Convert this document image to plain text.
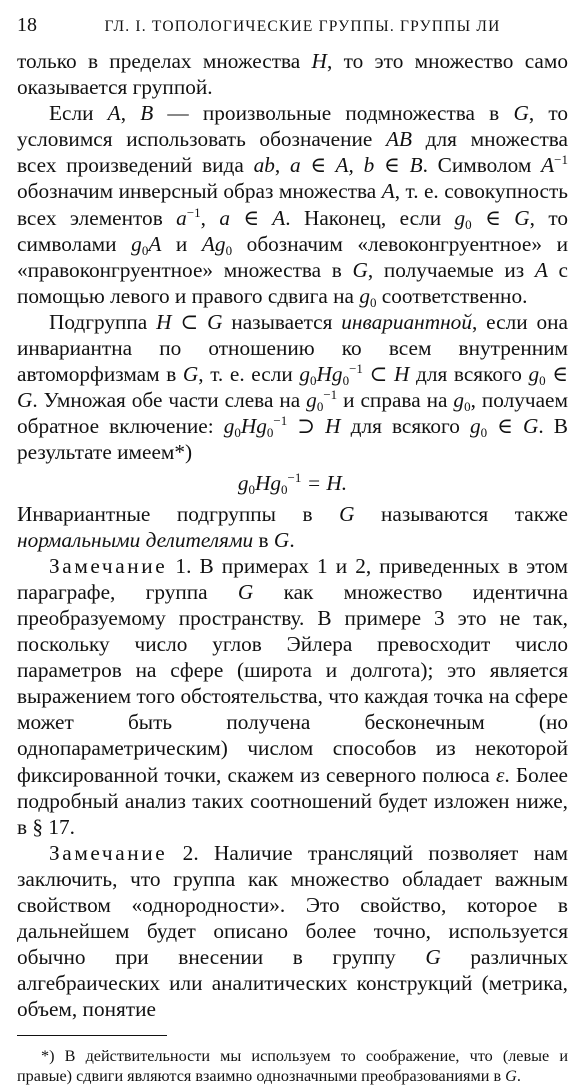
18	ГЛ. I. ТОПОЛОГИЧЕСКИЕ ГРУППЫ. ГРУППЫ ЛИ

только в пределах множества H, то это множество само оказывается группой.

Если A, B — произвольные подмножества в G, то условимся использовать обозначение AB для множества всех произведений вида ab, a ∈ A, b ∈ B. Символом $A^{-1}$ обозначим инверсный образ множества A, т. е. совокупность всех элементов $a^{-1}$, a ∈ A. Наконец, если $g_0$ ∈ G, то символами $g_0A$ и $Ag_0$ обозначим «левоконгруентное» и «правоконгруентное» множества в G, получаемые из A с помощью левого и правого сдвига на $g_0$ соответственно.

Подгруппа H ⊂ G называется инвариантной, если она инвариантна по отношению ко всем внутренним автоморфизмам в G, т. е. если $g_0Hg_0^{-1}$ ⊂ H для всякого $g_0$ ∈ G. Умножая обе части слева на $g_0^{-1}$ и справа на $g_0$, получаем обратное включение: $g_0Hg_0^{-1}$ ⊃ H для всякого $g_0$ ∈ G. В результате имеем*)

$g_0Hg_0^{-1} = H$.

Инвариантные подгруппы в G называются также нормальными делителями в G.

Замечание 1. В примерах 1 и 2, приведенных в этом параграфе, группа G как множество идентична преобразуемому пространству. В примере 3 это не так, поскольку число углов Эйлера превосходит число параметров на сфере (широта и долгота); это является выражением того обстоятельства, что каждая точка на сфере может быть получена бесконечным (но однопараметрическим) числом способов из некоторой фиксированной точки, скажем из северного полюса ε. Более подробный анализ таких соотношений будет изложен ниже, в § 17.

Замечание 2. Наличие трансляций позволяет нам заключить, что группа как множество обладает важным свойством «однородности». Это свойство, которое в дальнейшем будет описано более точно, используется обычно при внесении в группу G различных алгебраических или аналитических конструкций (метрика, объем, понятие

*) В действительности мы используем то соображение, что (левые и правые) сдвиги являются взаимно однозначными преобразованиями в G.
